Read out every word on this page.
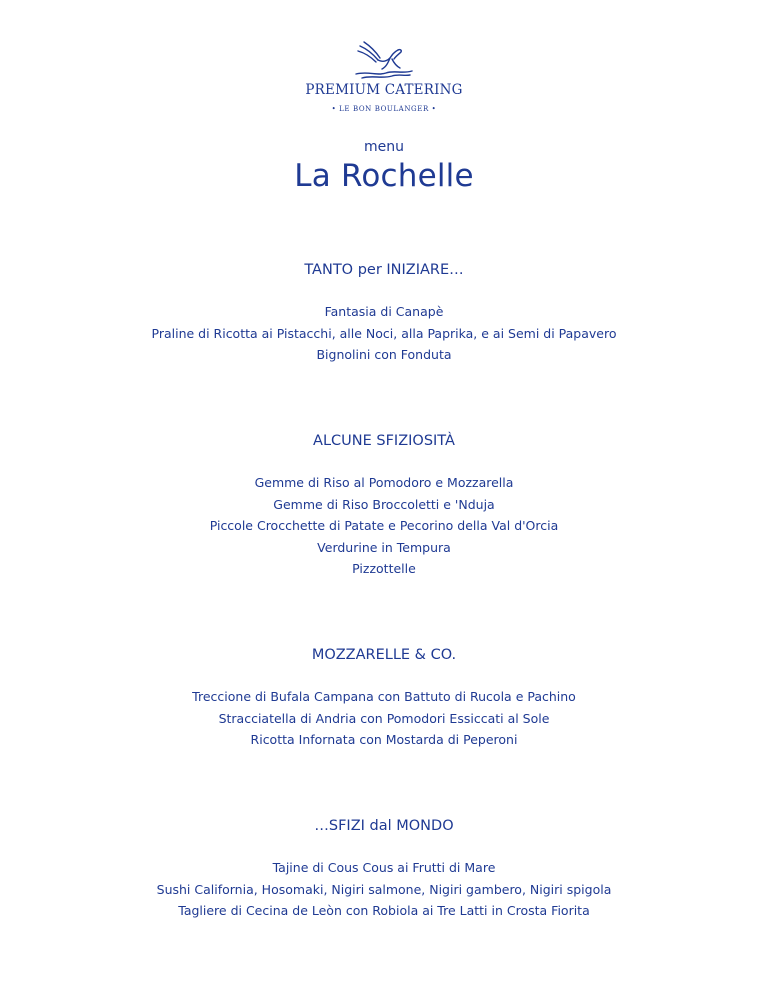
PREMIUM CATERING
• LE BON BOULANGER •
menu
La Rochelle
TANTO per INIZIARE…
Fantasia di Canapè
Praline di Ricotta ai Pistacchi, alle Noci, alla Paprika, e ai Semi di Papavero
Bignolini con Fonduta
ALCUNE SFIZIOSITÀ
Gemme di Riso al Pomodoro e Mozzarella
Gemme di Riso Broccoletti e 'Nduja
Piccole Crocchette di Patate e Pecorino della Val d'Orcia
Verdurine in Tempura
Pizzottelle
MOZZARELLE & CO.
Treccione di Bufala Campana con Battuto di Rucola e Pachino
Stracciatella di Andria con Pomodori Essiccati al Sole
Ricotta Infornata con Mostarda di Peperoni
…SFIZI dal MONDO
Tajine di Cous Cous ai Frutti di Mare
Sushi California, Hosomaki, Nigiri salmone, Nigiri gambero, Nigiri spigola
Tagliere di Cecina de Leòn con Robiola ai Tre Latti in Crosta Fiorita
